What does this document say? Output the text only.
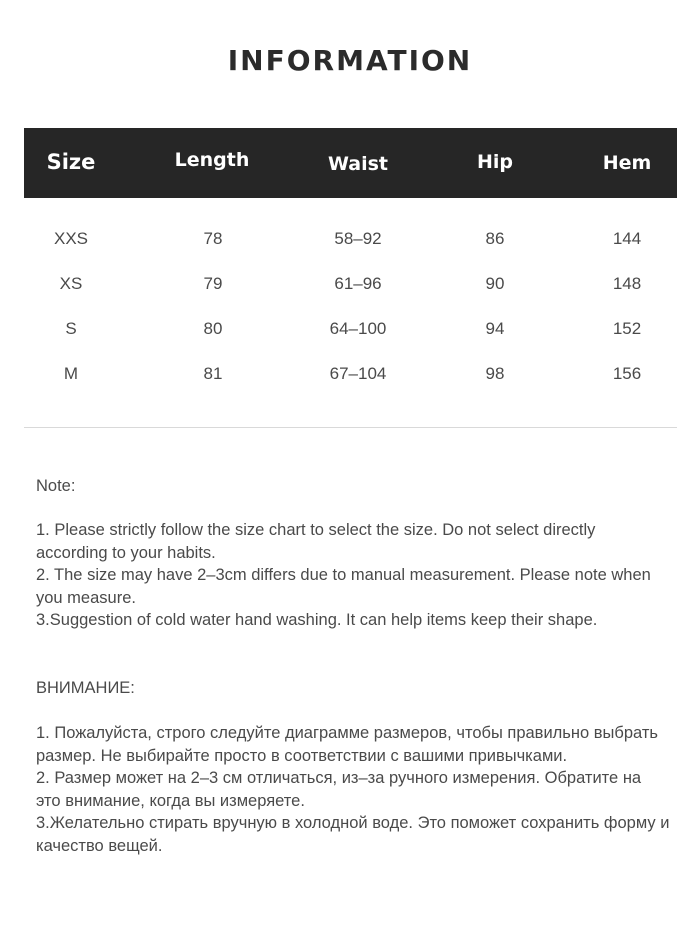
INFORMATION
Size	Length	Waist	Hip	Hem
XXS	78	58–92	86	144
XS	79	61–96	90	148
S	80	64–100	94	152
M	81	67–104	98	156
Note:

1. Please strictly follow the size chart to select the size. Do not select directly according to your habits.

2. The size may have 2–3cm differs due to manual measurement. Please note when you measure.

3.Suggestion of cold water hand washing. It can help items keep their shape.

ВНИМАНИЕ:

1. Пожалуйста, строго следуйте диаграмме размеров, чтобы правильно выбрать размер. Не выбирайте просто в соответствии с вашими привычками.

2. Размер может на 2–3 см отличаться, из–за ручного измерения. Обратите на это внимание, когда вы измеряете.

3.Желательно стирать вручную в холодной воде. Это поможет сохранить форму и качество вещей.
